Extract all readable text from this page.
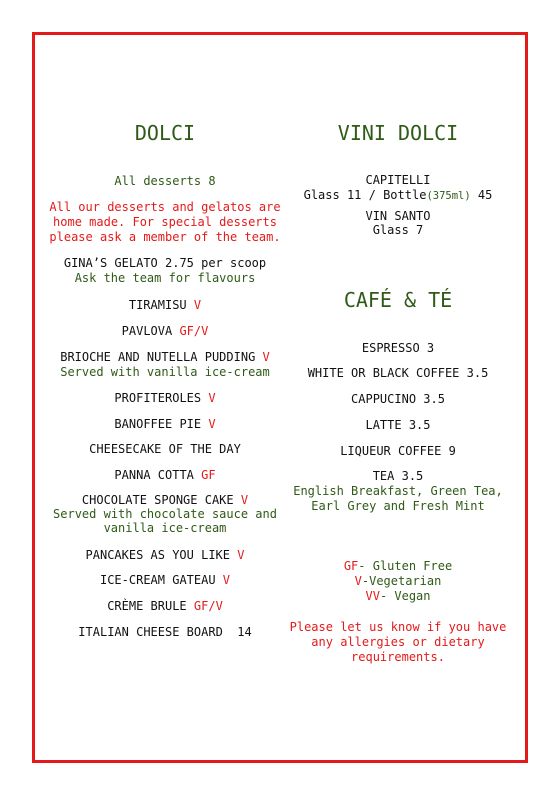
DOLCI
All desserts 8
All our desserts and gelatos are
home made. For special desserts
please ask a member of the team.
GINA’S GELATO 2.75 per scoop
Ask the team for flavours
TIRAMISU V
PAVLOVA GF/V
BRIOCHE AND NUTELLA PUDDING V
Served with vanilla ice-cream
PROFITEROLES V
BANOFFEE PIE V
CHEESECAKE OF THE DAY
PANNA COTTA GF
CHOCOLATE SPONGE CAKE V
Served with chocolate sauce and
vanilla ice-cream
PANCAKES AS YOU LIKE V
ICE-CREAM GATEAU V
CRÈME BRULE GF/V
ITALIAN CHEESE BOARD  14
VINI DOLCI
CAPITELLI
Glass 11 / Bottle(375ml) 45
VIN SANTO
Glass 7
CAFÉ & TÉ
ESPRESSO 3
WHITE OR BLACK COFFEE 3.5
CAPPUCINO 3.5
LATTE 3.5
LIQUEUR COFFEE 9
TEA 3.5
English Breakfast, Green Tea,
Earl Grey and Fresh Mint
GF- Gluten Free
V-Vegetarian
VV- Vegan
Please let us know if you have
any allergies or dietary
requirements.
